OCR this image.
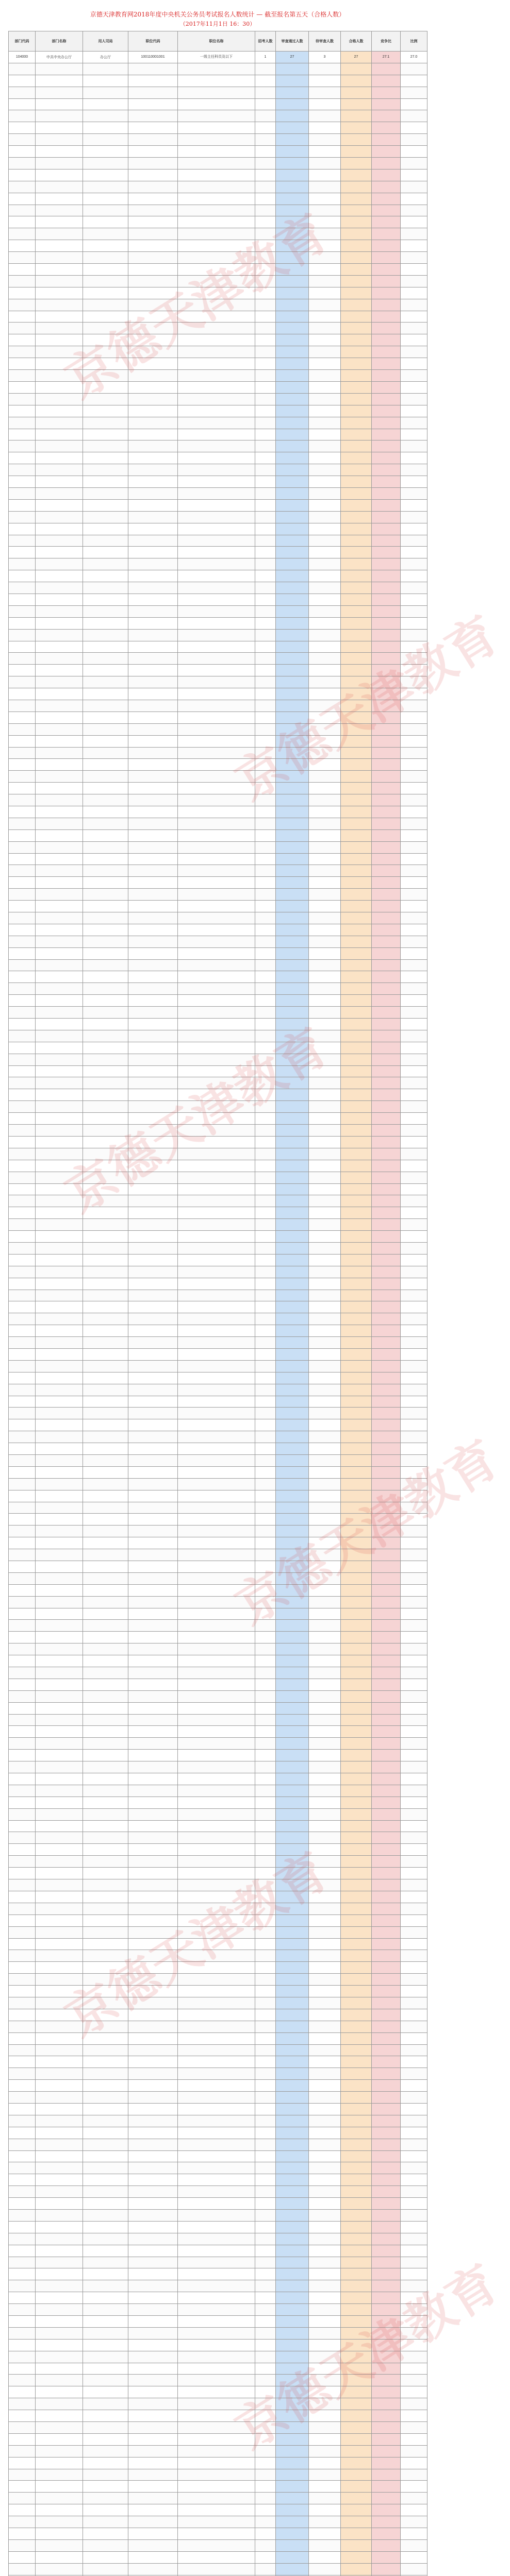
京德天津教育网2018年度中央机关公务员考试报名人数统计 — 截至报名第五天（合格人数）
（2017年11月1日 16：30）
部门代码	部门名称	用人司局	职位代码	职位名称	招考人数	审查通过人数	待审查人数	合格人数	竞争比	比例
104000	中共中央办公厅	办公厅	100110001001	一级主任科员及以下	1	27	3	27	27:1	27.0

京德天津教育
京德天津教育
